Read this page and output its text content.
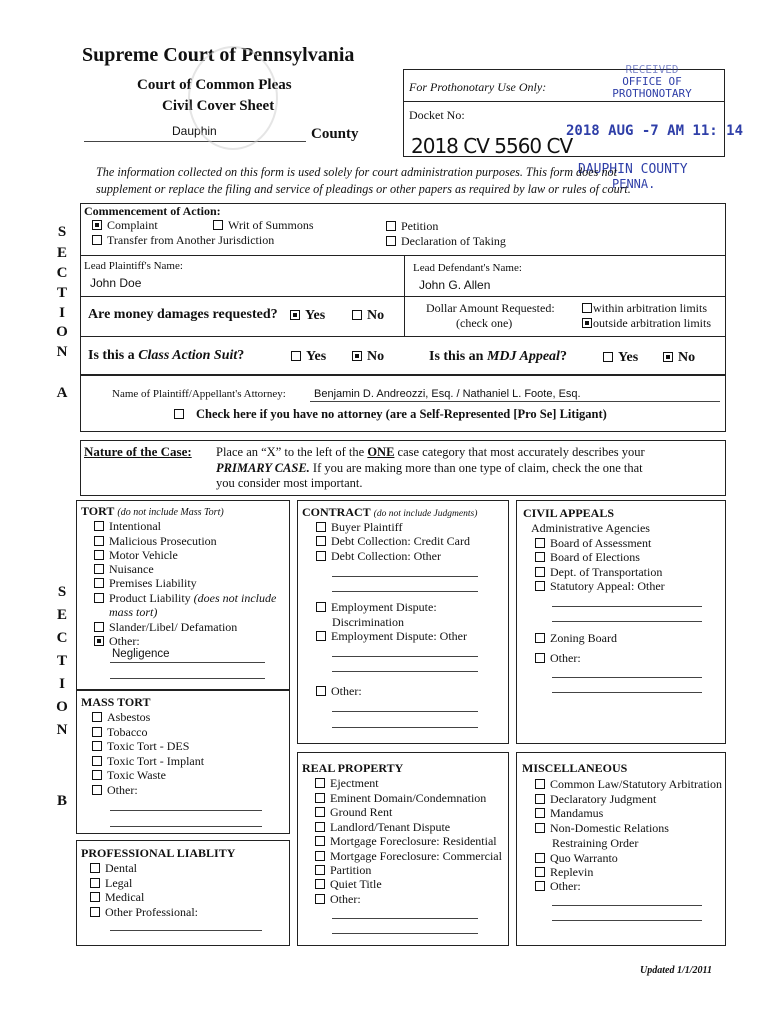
Supreme Court of Pennsylvania
Court of Common Pleas
Civil Cover Sheet
Dauphin	County
For Prothonotary Use Only:
Docket No:
2018 CV 5560 CV
RECEIVED
OFFICE OF
PROTHONOTARY
2018 AUG -7 AM 11: 14
DAUPHIN COUNTY
PENNA.
The information collected on this form is used solely for court administration purposes. This form does not
supplement or replace the filing and service of pleadings or other papers as required by law or rules of court.
S
E
C
T
I
O
N
A
Commencement of Action:
Complaint	Writ of Summons	Petition
Transfer from Another Jurisdiction	Declaration of Taking
Lead Plaintiff's Name:
John Doe
Lead Defendant's Name:
John G. Allen
Are money damages requested?	Yes	No	Dollar Amount Requested:
(check one)
within arbitration limits
outside arbitration limits
Is this a Class Action Suit?	Yes	No	Is this an MDJ Appeal?	Yes	No
Name of Plaintiff/Appellant's Attorney:	Benjamin D. Andreozzi, Esq. / Nathaniel L. Foote, Esq.
Check here if you have no attorney (are a Self-Represented [Pro Se] Litigant)
Nature of the Case: Place an “X” to the left of the ONE case category that most accurately describes your
PRIMARY CASE. If you are making more than one type of claim, check the one that
you consider most important.
S
E
C
T
I
O
N
B
TORT (do not include Mass Tort)
Intentional
Malicious Prosecution
Motor Vehicle
Nuisance
Premises Liability
Product Liability (does not include
mass tort)
Slander/Libel/ Defamation
Other:
Negligence
MASS TORT
Asbestos
Tobacco
Toxic Tort - DES
Toxic Tort - Implant
Toxic Waste
Other:
PROFESSIONAL LIABLITY
Dental
Legal
Medical
Other Professional:
CONTRACT (do not include Judgments)
Buyer Plaintiff
Debt Collection: Credit Card
Debt Collection: Other
Employment Dispute:
Discrimination
Employment Dispute: Other
Other:
REAL PROPERTY
Ejectment
Eminent Domain/Condemnation
Ground Rent
Landlord/Tenant Dispute
Mortgage Foreclosure: Residential
Mortgage Foreclosure: Commercial
Partition
Quiet Title
Other:
CIVIL APPEALS
Administrative Agencies
Board of Assessment
Board of Elections
Dept. of Transportation
Statutory Appeal: Other
Zoning Board
Other:
MISCELLANEOUS
Common Law/Statutory Arbitration
Declaratory Judgment
Mandamus
Non-Domestic Relations
Restraining Order
Quo Warranto
Replevin
Other:
Updated 1/1/2011
